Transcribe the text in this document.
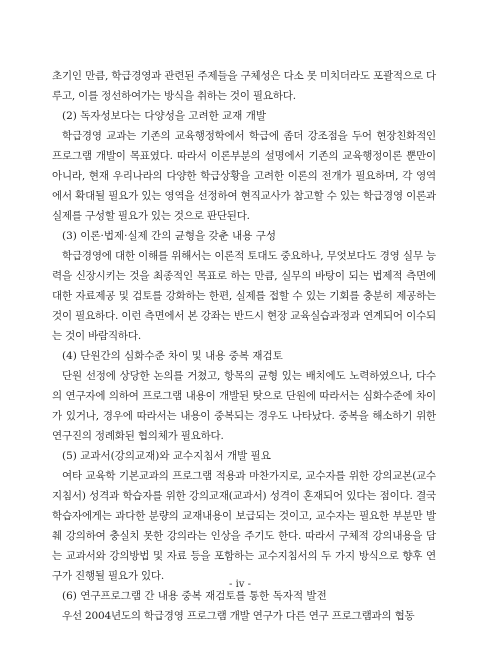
초기인 만큼, 학급경영과 관련된 주제들을 구체성은 다소 못 미치더라도 포괄적으로 다루고, 이를 정선하여가는 방식을 취하는 것이 필요하다.

(2) 독자성보다는 다양성을 고려한 교재 개발

학급경영 교과는 기존의 교육행정학에서 학급에 좀더 강조점을 두어 현장친화적인 프로그램 개발이 목표였다. 따라서 이론부분의 설명에서 기존의 교육행정이론 뿐만이 아니라, 현재 우리나라의 다양한 학급상황을 고려한 이론의 전개가 필요하며, 각 영역에서 확대될 필요가 있는 영역을 선정하여 현직교사가 참고할 수 있는 학급경영 이론과 실제를 구성할 필요가 있는 것으로 판단된다.

(3) 이론·법제·실제 간의 균형을 갖춘 내용 구성

학급경영에 대한 이해를 위해서는 이론적 토대도 중요하나, 무엇보다도 경영 실무 능력을 신장시키는 것을 최종적인 목표로 하는 만큼, 실무의 바탕이 되는 법제적 측면에 대한 자료제공 및 검토를 강화하는 한편, 실제를 접할 수 있는 기회를 충분히 제공하는 것이 필요하다. 이런 측면에서 본 강좌는 반드시 현장 교육실습과정과 연계되어 이수되는 것이 바람직하다.

(4) 단원간의 심화수준 차이 및 내용 중복 재검토

단원 선정에 상당한 논의를 거쳤고, 항목의 균형 있는 배치에도 노력하였으나, 다수의 연구자에 의하여 프로그램 내용이 개발된 탓으로 단원에 따라서는 심화수준에 차이가 있거나, 경우에 따라서는 내용이 중복되는 경우도 나타났다. 중복을 해소하기 위한 연구진의 정례화된 협의체가 필요하다.

(5) 교과서(강의교재)와 교수지침서 개발 필요

여타 교육학 기본교과의 프로그램 적용과 마찬가지로, 교수자를 위한 강의교본(교수지침서) 성격과 학습자를 위한 강의교재(교과서) 성격이 혼재되어 있다는 점이다. 결국 학습자에게는 과다한 분량의 교재내용이 보급되는 것이고, 교수자는 필요한 부분만 발췌 강의하여 충실치 못한 강의라는 인상을 주기도 한다. 따라서 구체적 강의내용을 담는 교과서와 강의방법 및 자료 등을 포함하는 교수지침서의 두 가지 방식으로 향후 연구가 진행될 필요가 있다.

(6) 연구프로그램 간 내용 중복 재검토를 통한 독자적 발전

우선 2004년도의 학급경영 프로그램 개발 연구가 다른 연구 프로그램과의 협동

- iv -
